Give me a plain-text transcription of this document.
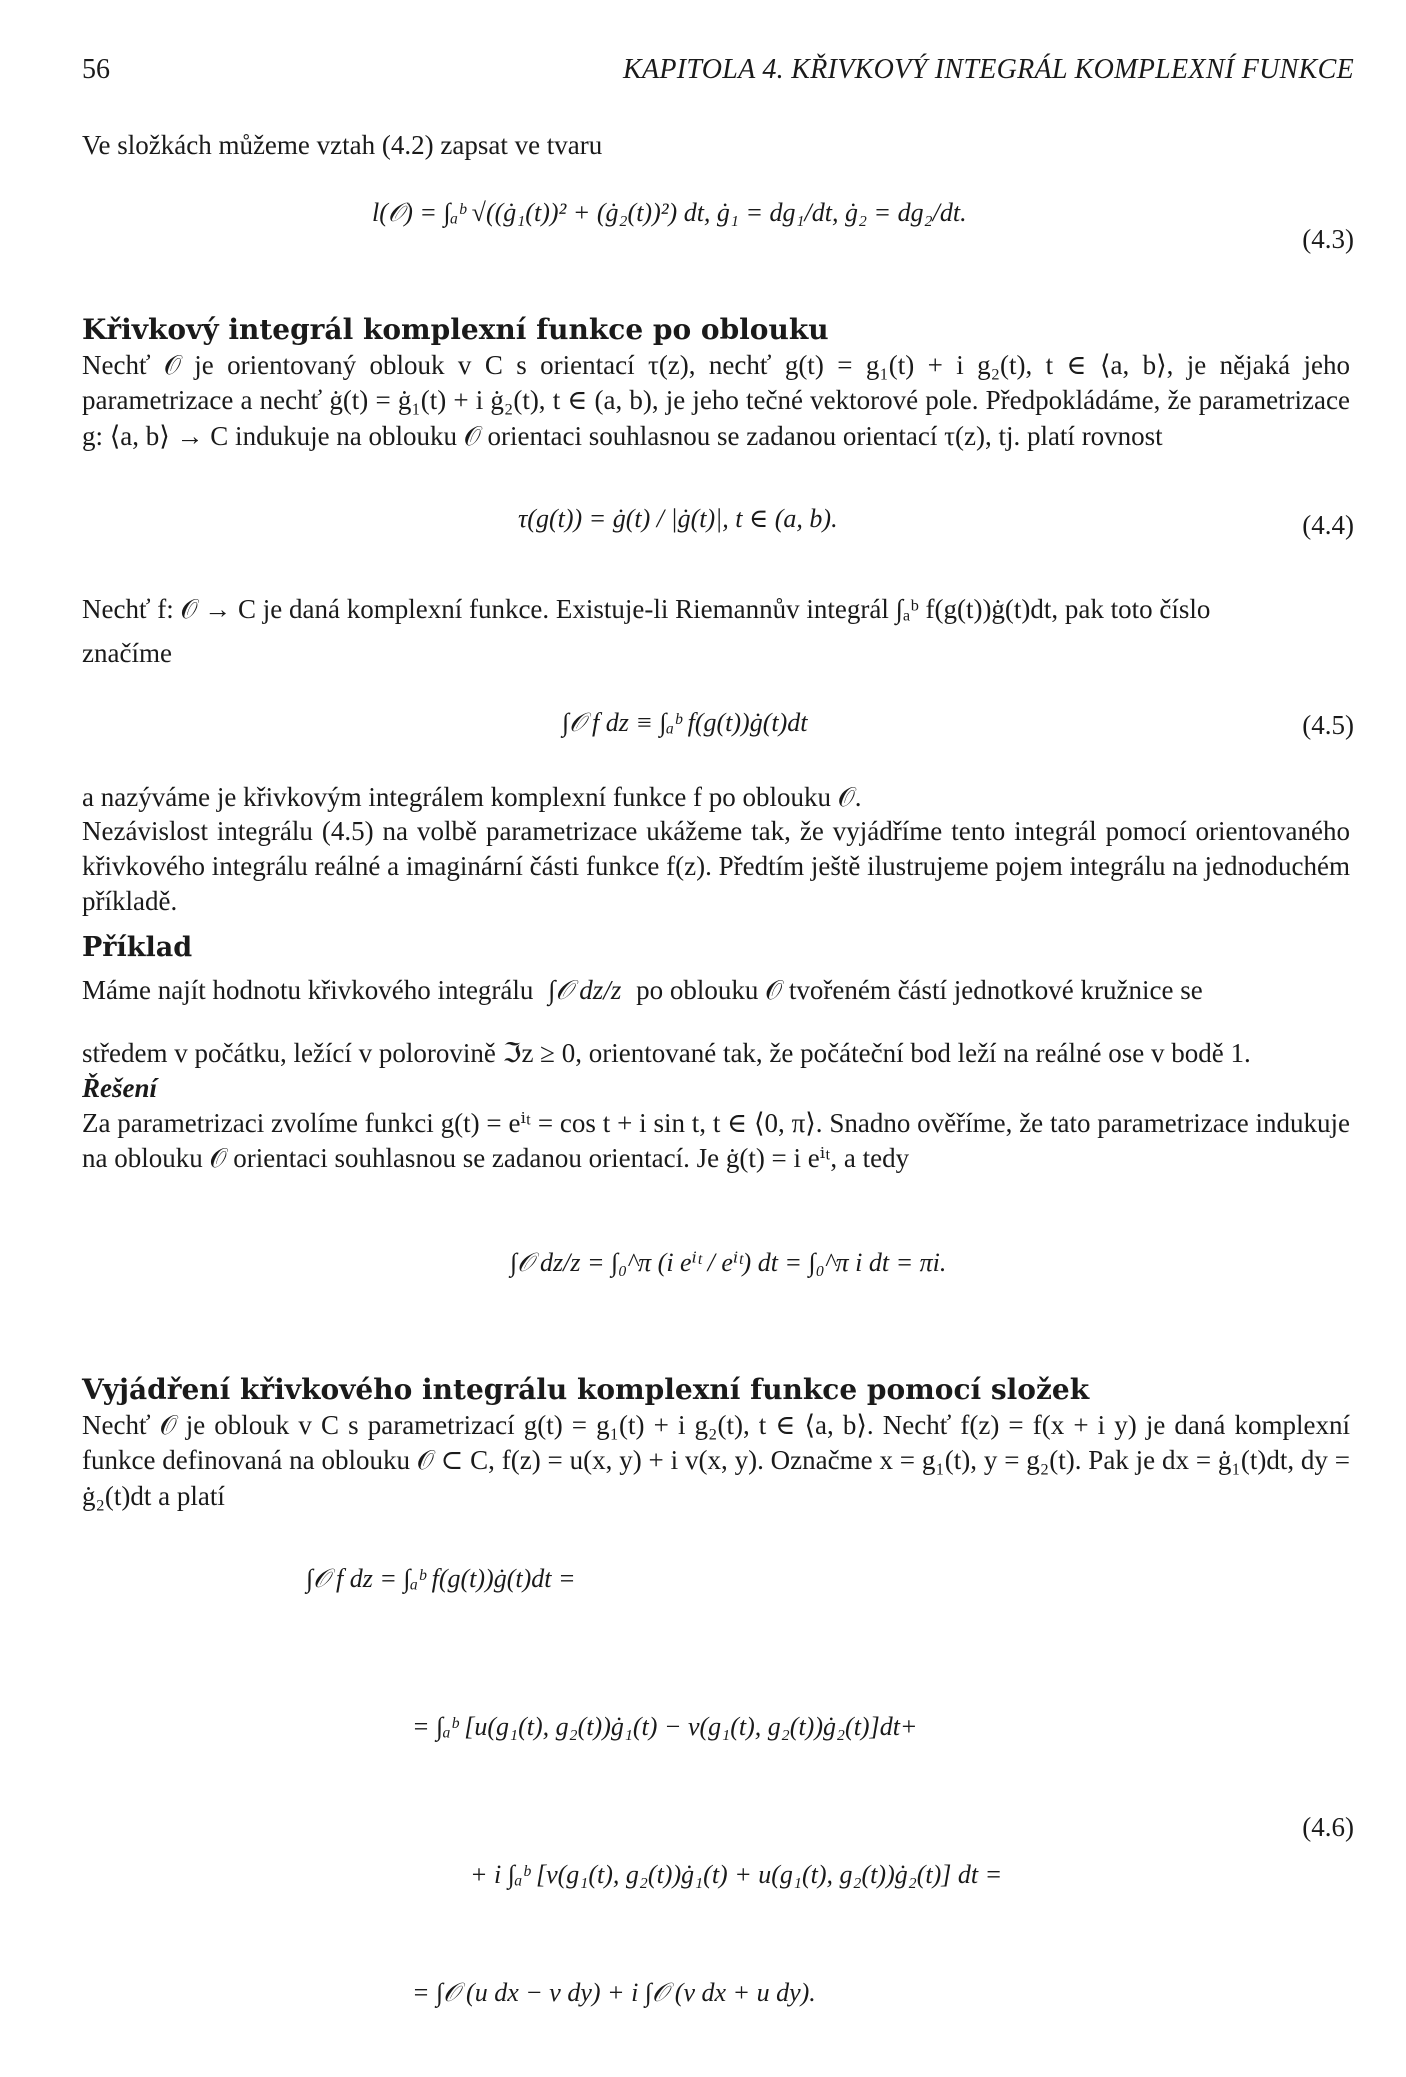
56	KAPITOLA 4. KŘIVKOVÝ INTEGRÁL KOMPLEXNÍ FUNKCE
Ve složkách můžeme vztah (4.2) zapsat ve tvaru
l(𝒪) = ∫ₐᵇ √((ġ₁(t))² + (ġ₂(t))²) dt, ġ₁ = dg₁/dt, ġ₂ = dg₂/dt.
(4.3)
Křivkový integrál komplexní funkce po oblouku
Nechť 𝒪 je orientovaný oblouk v C s orientací τ(z), nechť g(t) = g₁(t) + i g₂(t), t ∈ ⟨a, b⟩, je nějaká jeho parametrizace a nechť ġ(t) = ġ₁(t) + i ġ₂(t), t ∈ (a, b), je jeho tečné vektorové pole. Předpokládáme, že parametrizace g: ⟨a, b⟩ → C indukuje na oblouku 𝒪 orientaci souhlasnou se zadanou orientací τ(z), tj. platí rovnost
τ(g(t)) = ġ(t) / |ġ(t)|, t ∈ (a, b).	(4.4)
Nechť f: 𝒪 → C je daná komplexní funkce. Existuje-li Riemannův integrál ∫ₐᵇ f(g(t))ġ(t)dt, pak toto číslo
značíme
∫𝒪 f dz ≡ ∫ₐᵇ f(g(t))ġ(t)dt	(4.5)
a nazýváme je křivkovým integrálem komplexní funkce f po oblouku 𝒪.
Nezávislost integrálu (4.5) na volbě parametrizace ukážeme tak, že vyjádříme tento integrál pomocí orientovaného křivkového integrálu reálné a imaginární části funkce f(z). Předtím ještě ilustrujeme pojem integrálu na jednoduchém příkladě.
Příklad
Máme najít hodnotu křivkového integrálu ∫𝒪 dz/z po oblouku 𝒪 tvořeném částí jednotkové kružnice se
středem v počátku, ležící v polorovině ℑz ≥ 0, orientované tak, že počáteční bod leží na reálné ose v bodě 1.

Řešení

Za parametrizaci zvolíme funkci g(t) = eⁱᵗ = cos t + i sin t, t ∈ ⟨0, π⟩. Snadno ověříme, že tato parametrizace indukuje na oblouku 𝒪 orientaci souhlasnou se zadanou orientací. Je ġ(t) = i eⁱᵗ, a tedy
∫𝒪 dz/z = ∫₀^π (i eⁱᵗ / eⁱᵗ) dt = ∫₀^π i dt = πi.
Vyjádření křivkového integrálu komplexní funkce pomocí složek
Nechť 𝒪 je oblouk v C s parametrizací g(t) = g₁(t) + i g₂(t), t ∈ ⟨a, b⟩. Nechť f(z) = f(x + i y) je daná komplexní funkce definovaná na oblouku 𝒪 ⊂ C, f(z) = u(x, y) + i v(x, y). Označme x = g₁(t), y = g₂(t). Pak je dx = ġ₁(t)dt, dy = ġ₂(t)dt a platí
∫𝒪 f dz = ∫ₐᵇ f(g(t))ġ(t)dt =
= ∫ₐᵇ [u(g₁(t), g₂(t))ġ₁(t) − v(g₁(t), g₂(t))ġ₂(t)]dt+
(4.6)
+ i ∫ₐᵇ [v(g₁(t), g₂(t))ġ₁(t) + u(g₁(t), g₂(t))ġ₂(t)] dt =
= ∫𝒪 (u dx − v dy) + i ∫𝒪 (v dx + u dy).
